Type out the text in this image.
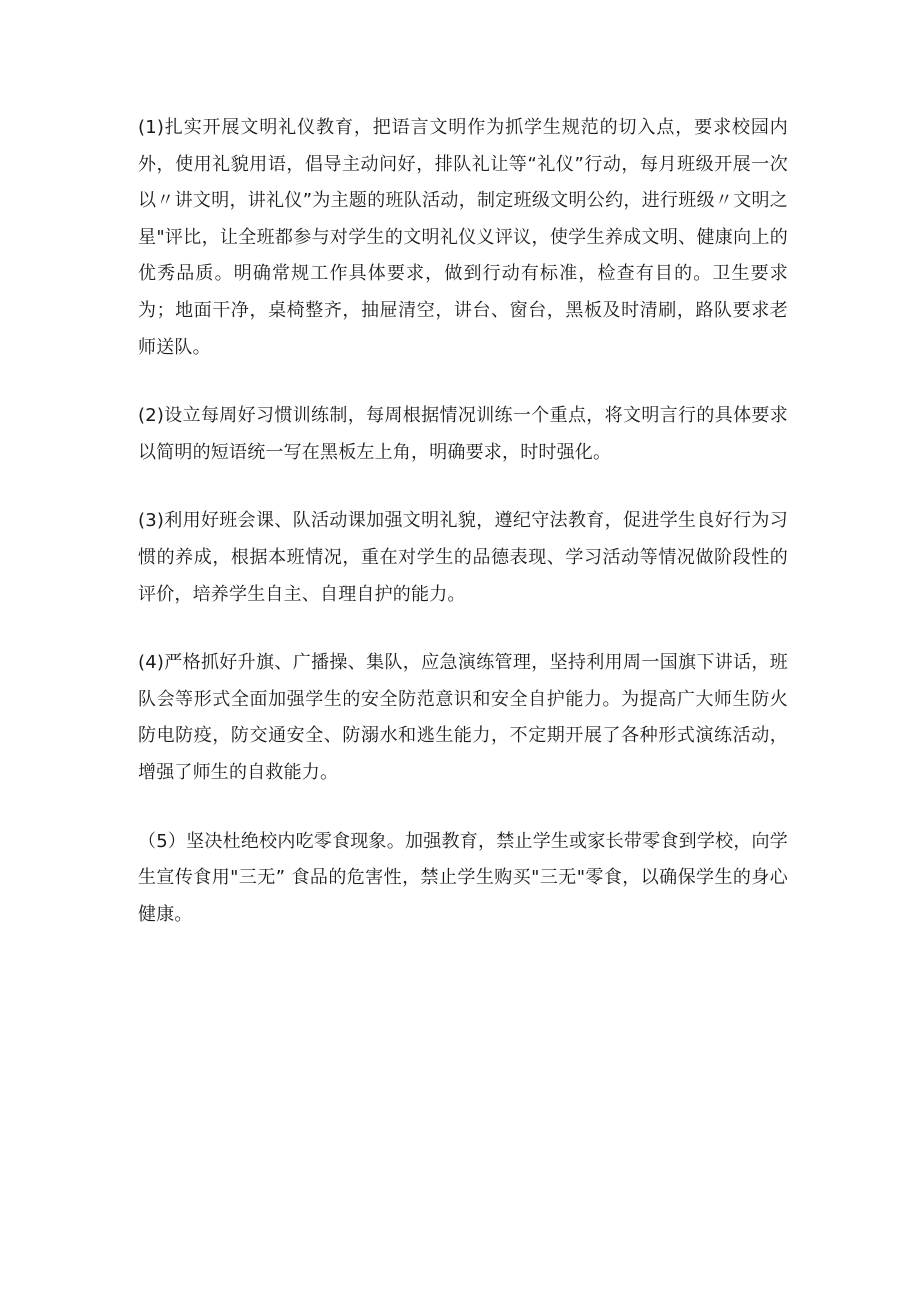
(1)扎实开展文明礼仪教育，把语言文明作为抓学生规范的切入点，要求校园内外，使用礼貌用语，倡导主动问好，排队礼让等“礼仪”行动，每月班级开展一次以〃讲文明，讲礼仪”为主题的班队活动，制定班级文明公约，进行班级〃文明之星"评比，让全班都参与对学生的文明礼仪义评议，使学生养成文明、健康向上的优秀品质。明确常规工作具体要求，做到行动有标准，检查有目的。卫生要求为；地面干净，桌椅整齐，抽屉清空，讲台、窗台，黑板及时清刷，路队要求老师送队。

(2)设立每周好习惯训练制，每周根据情况训练一个重点，将文明言行的具体要求以简明的短语统一写在黑板左上角，明确要求，时时强化。

(3)利用好班会课、队活动课加强文明礼貌，遵纪守法教育，促进学生良好行为习惯的养成，根据本班情况，重在对学生的品德表现、学习活动等情况做阶段性的评价，培养学生自主、自理自护的能力。

(4)严格抓好升旗、广播操、集队，应急演练管理，坚持利用周一国旗下讲话，班队会等形式全面加强学生的安全防范意识和安全自护能力。为提高广大师生防火防电防疫，防交通安全、防溺水和逃生能力，不定期开展了各种形式演练活动，增强了师生的自救能力。

（5）坚决杜绝校内吃零食现象。加强教育，禁止学生或家长带零食到学校，向学生宣传食用"三无” 食品的危害性，禁止学生购买"三无"零食，以确保学生的身心健康。
